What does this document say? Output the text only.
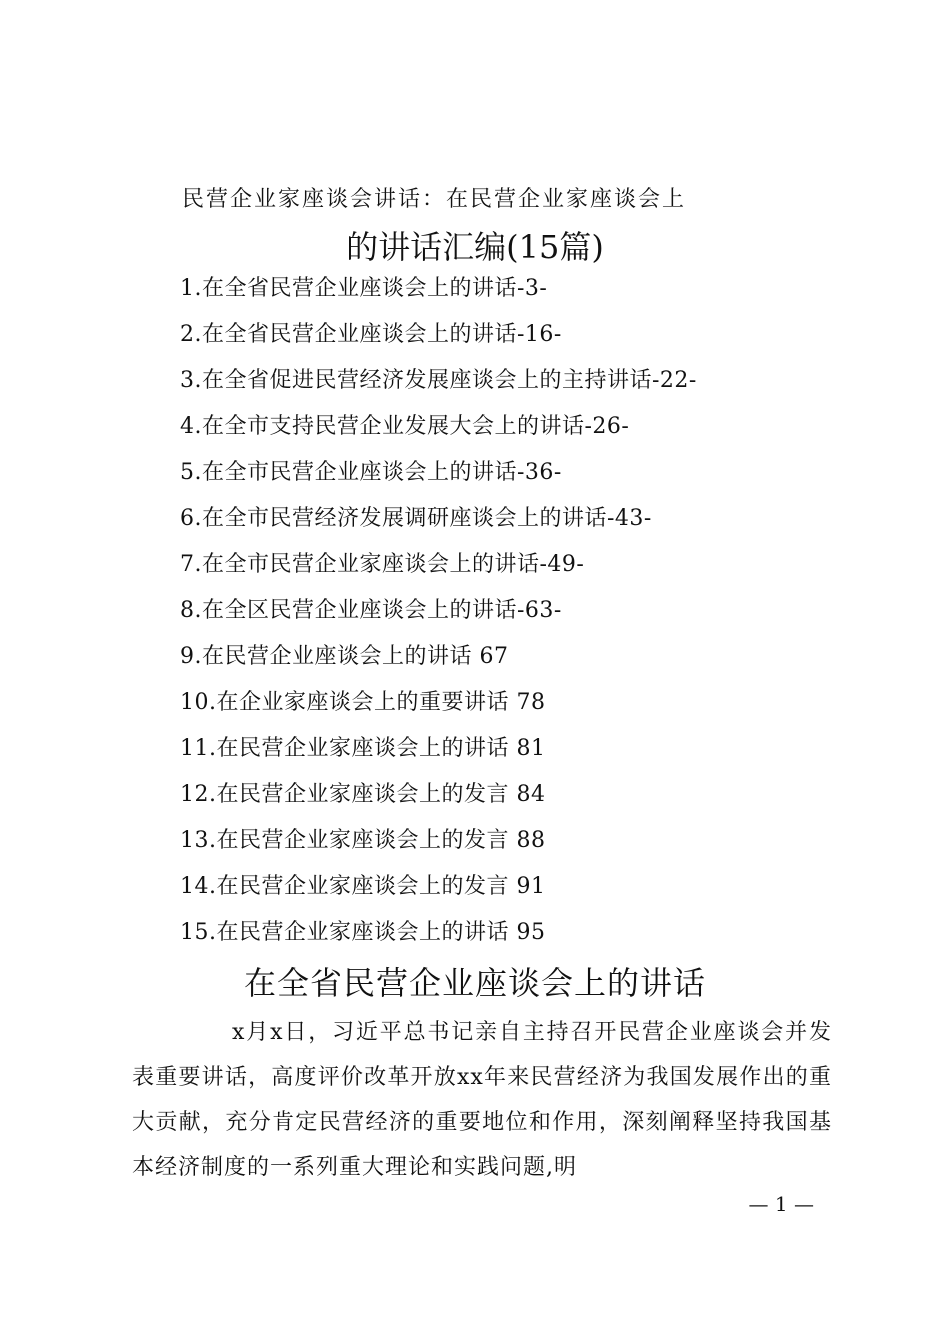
民营企业家座谈会讲话：在民营企业家座谈会上
的讲话汇编(15篇)
1.在全省民营企业座谈会上的讲话-3-
2.在全省民营企业座谈会上的讲话-16-
3.在全省促进民营经济发展座谈会上的主持讲话-22-
4.在全市支持民营企业发展大会上的讲话-26-
5.在全市民营企业座谈会上的讲话-36-
6.在全市民营经济发展调研座谈会上的讲话-43-
7.在全市民营企业家座谈会上的讲话-49-
8.在全区民营企业座谈会上的讲话-63-
9.在民营企业座谈会上的讲话 67
10.在企业家座谈会上的重要讲话 78
11.在民营企业家座谈会上的讲话 81
12.在民营企业家座谈会上的发言 84
13.在民营企业家座谈会上的发言 88
14.在民营企业家座谈会上的发言 91
15.在民营企业家座谈会上的讲话 95
在全省民营企业座谈会上的讲话

x月x日，习近平总书记亲自主持召开民营企业座谈会并发表重要讲话，高度评价改革开放xx年来民营经济为我国发展作出的重大贡献，充分肯定民营经济的重要地位和作用，深刻阐释坚持我国基本经济制度的一系列重大理论和实践问题,明

— 1 —
